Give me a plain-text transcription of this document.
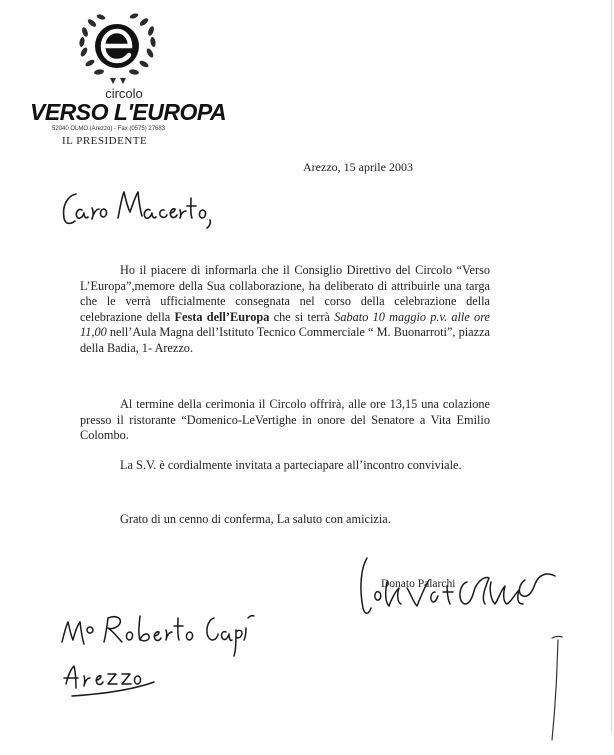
circolo
VERSO L'EUROPA
52040 OLMO (Arezzo) - Fax (0575) 27683
IL PRESIDENTE
Arezzo, 15 aprile 2003
Ho il piacere di informarla che il Consiglio Direttivo del Circolo “Verso L’Europa”,memore della Sua collaborazione, ha deliberato di attribuirle una targa che le verrà ufficialmente consegnata nel corso della celebrazione della celebrazione della Festa dell’Europa che si terrà Sabato 10 maggio p.v. alle ore 11,00 nell’Aula Magna dell’Istituto Tecnico Commerciale “ M. Buonarroti”, piazza della Badia, 1- Arezzo.
Al termine della cerimonia il Circolo offrirà, alle ore 13,15 una colazione presso il ristorante “Domenico-LeVertighe in onore del Senatore a Vita Emilio Colombo.
La S.V. è cordialmente invitata a parteciapare all’incontro conviviale.
Grato di un cenno di conferma, La saluto con amicizia.
Donato Palarchi
